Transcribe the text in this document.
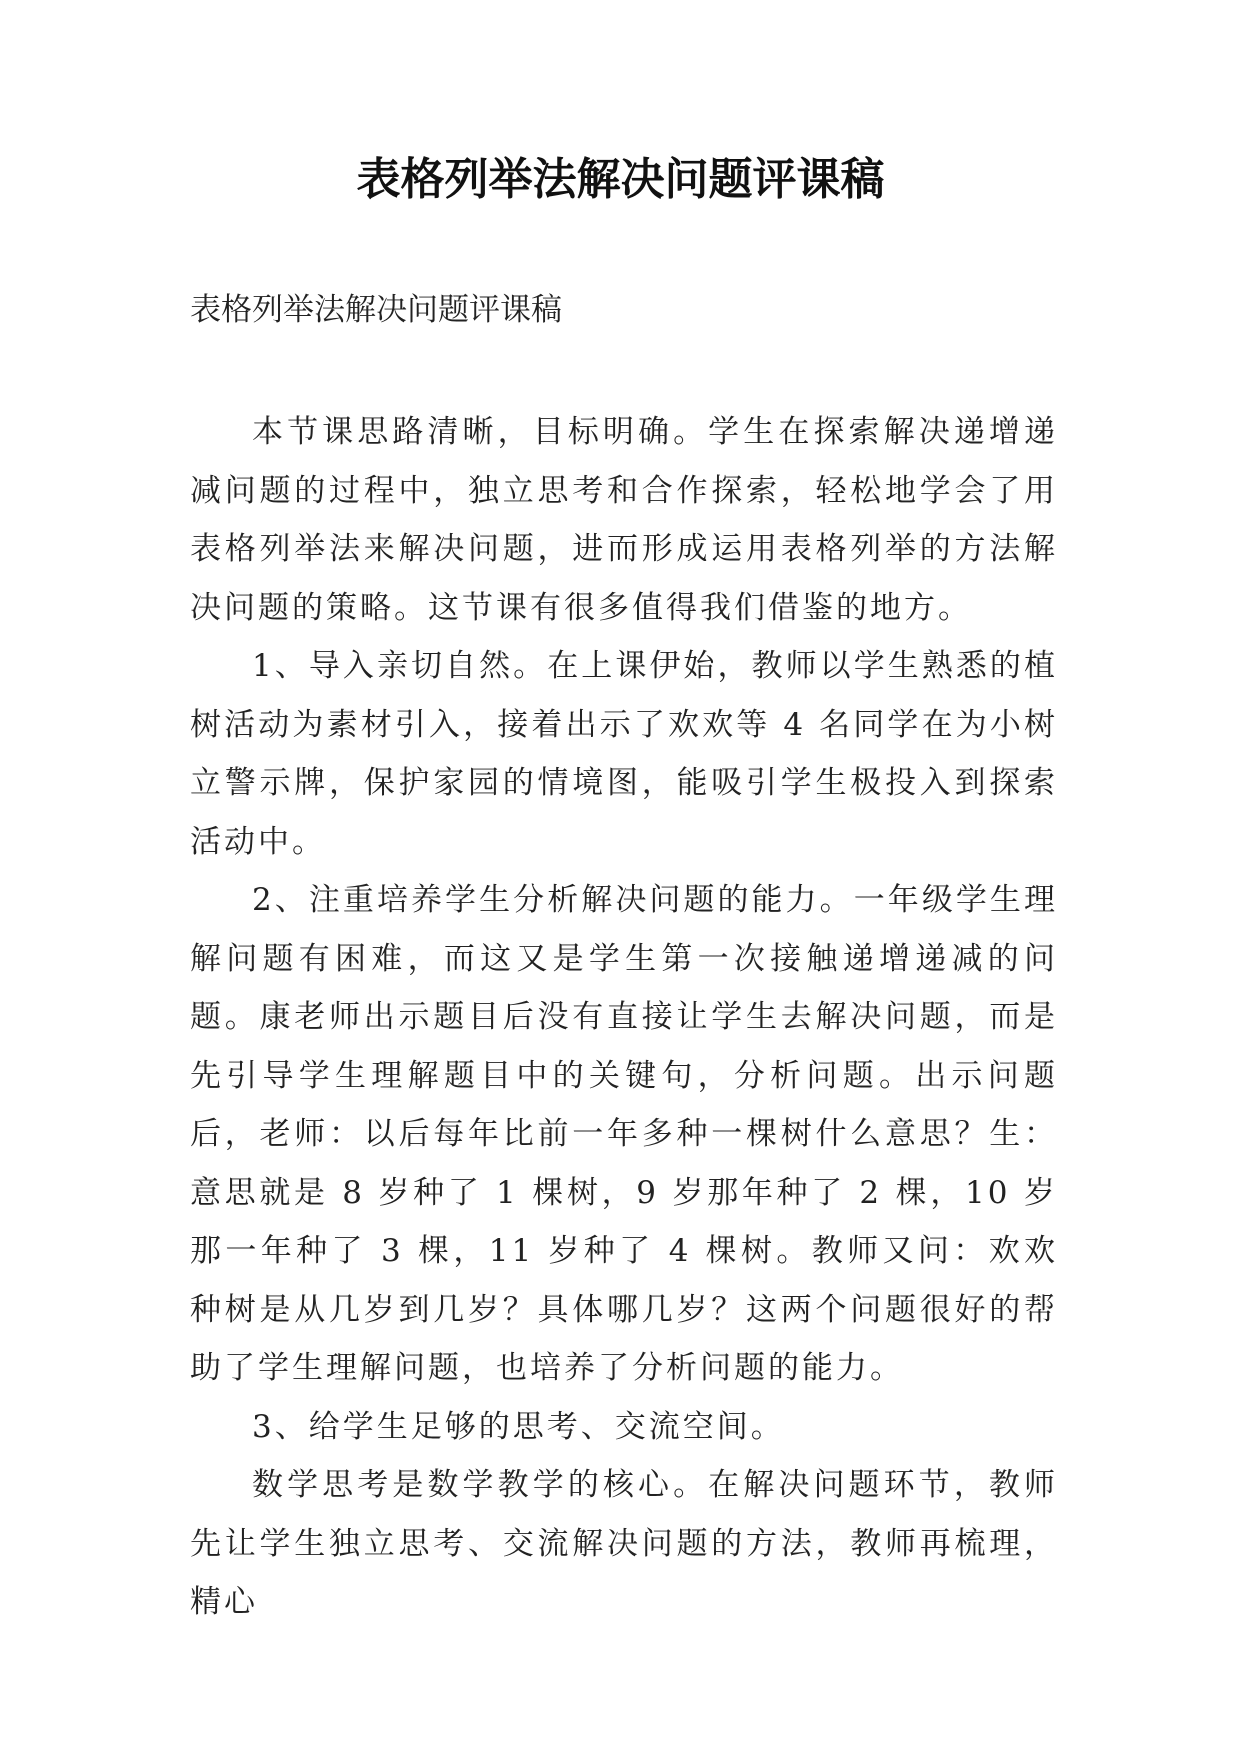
表格列举法解决问题评课稿

表格列举法解决问题评课稿

本节课思路清晰，目标明确。学生在探索解决递增递减问题的过程中，独立思考和合作探索，轻松地学会了用表格列举法来解决问题，进而形成运用表格列举的方法解决问题的策略。这节课有很多值得我们借鉴的地方。

1、导入亲切自然。在上课伊始，教师以学生熟悉的植树活动为素材引入，接着出示了欢欢等 4 名同学在为小树立警示牌，保护家园的情境图，能吸引学生极投入到探索活动中。

2、注重培养学生分析解决问题的能力。一年级学生理解问题有困难，而这又是学生第一次接触递增递减的问题。康老师出示题目后没有直接让学生去解决问题，而是先引导学生理解题目中的关键句，分析问题。出示问题后，老师：以后每年比前一年多种一棵树什么意思？生：意思就是 8 岁种了 1 棵树，9 岁那年种了 2 棵，10 岁那一年种了 3 棵，11 岁种了 4 棵树。教师又问：欢欢种树是从几岁到几岁？具体哪几岁？这两个问题很好的帮助了学生理解问题，也培养了分析问题的能力。

3、给学生足够的思考、交流空间。

数学思考是数学教学的核心。在解决问题环节，教师先让学生独立思考、交流解决问题的方法，教师再梳理，精心
